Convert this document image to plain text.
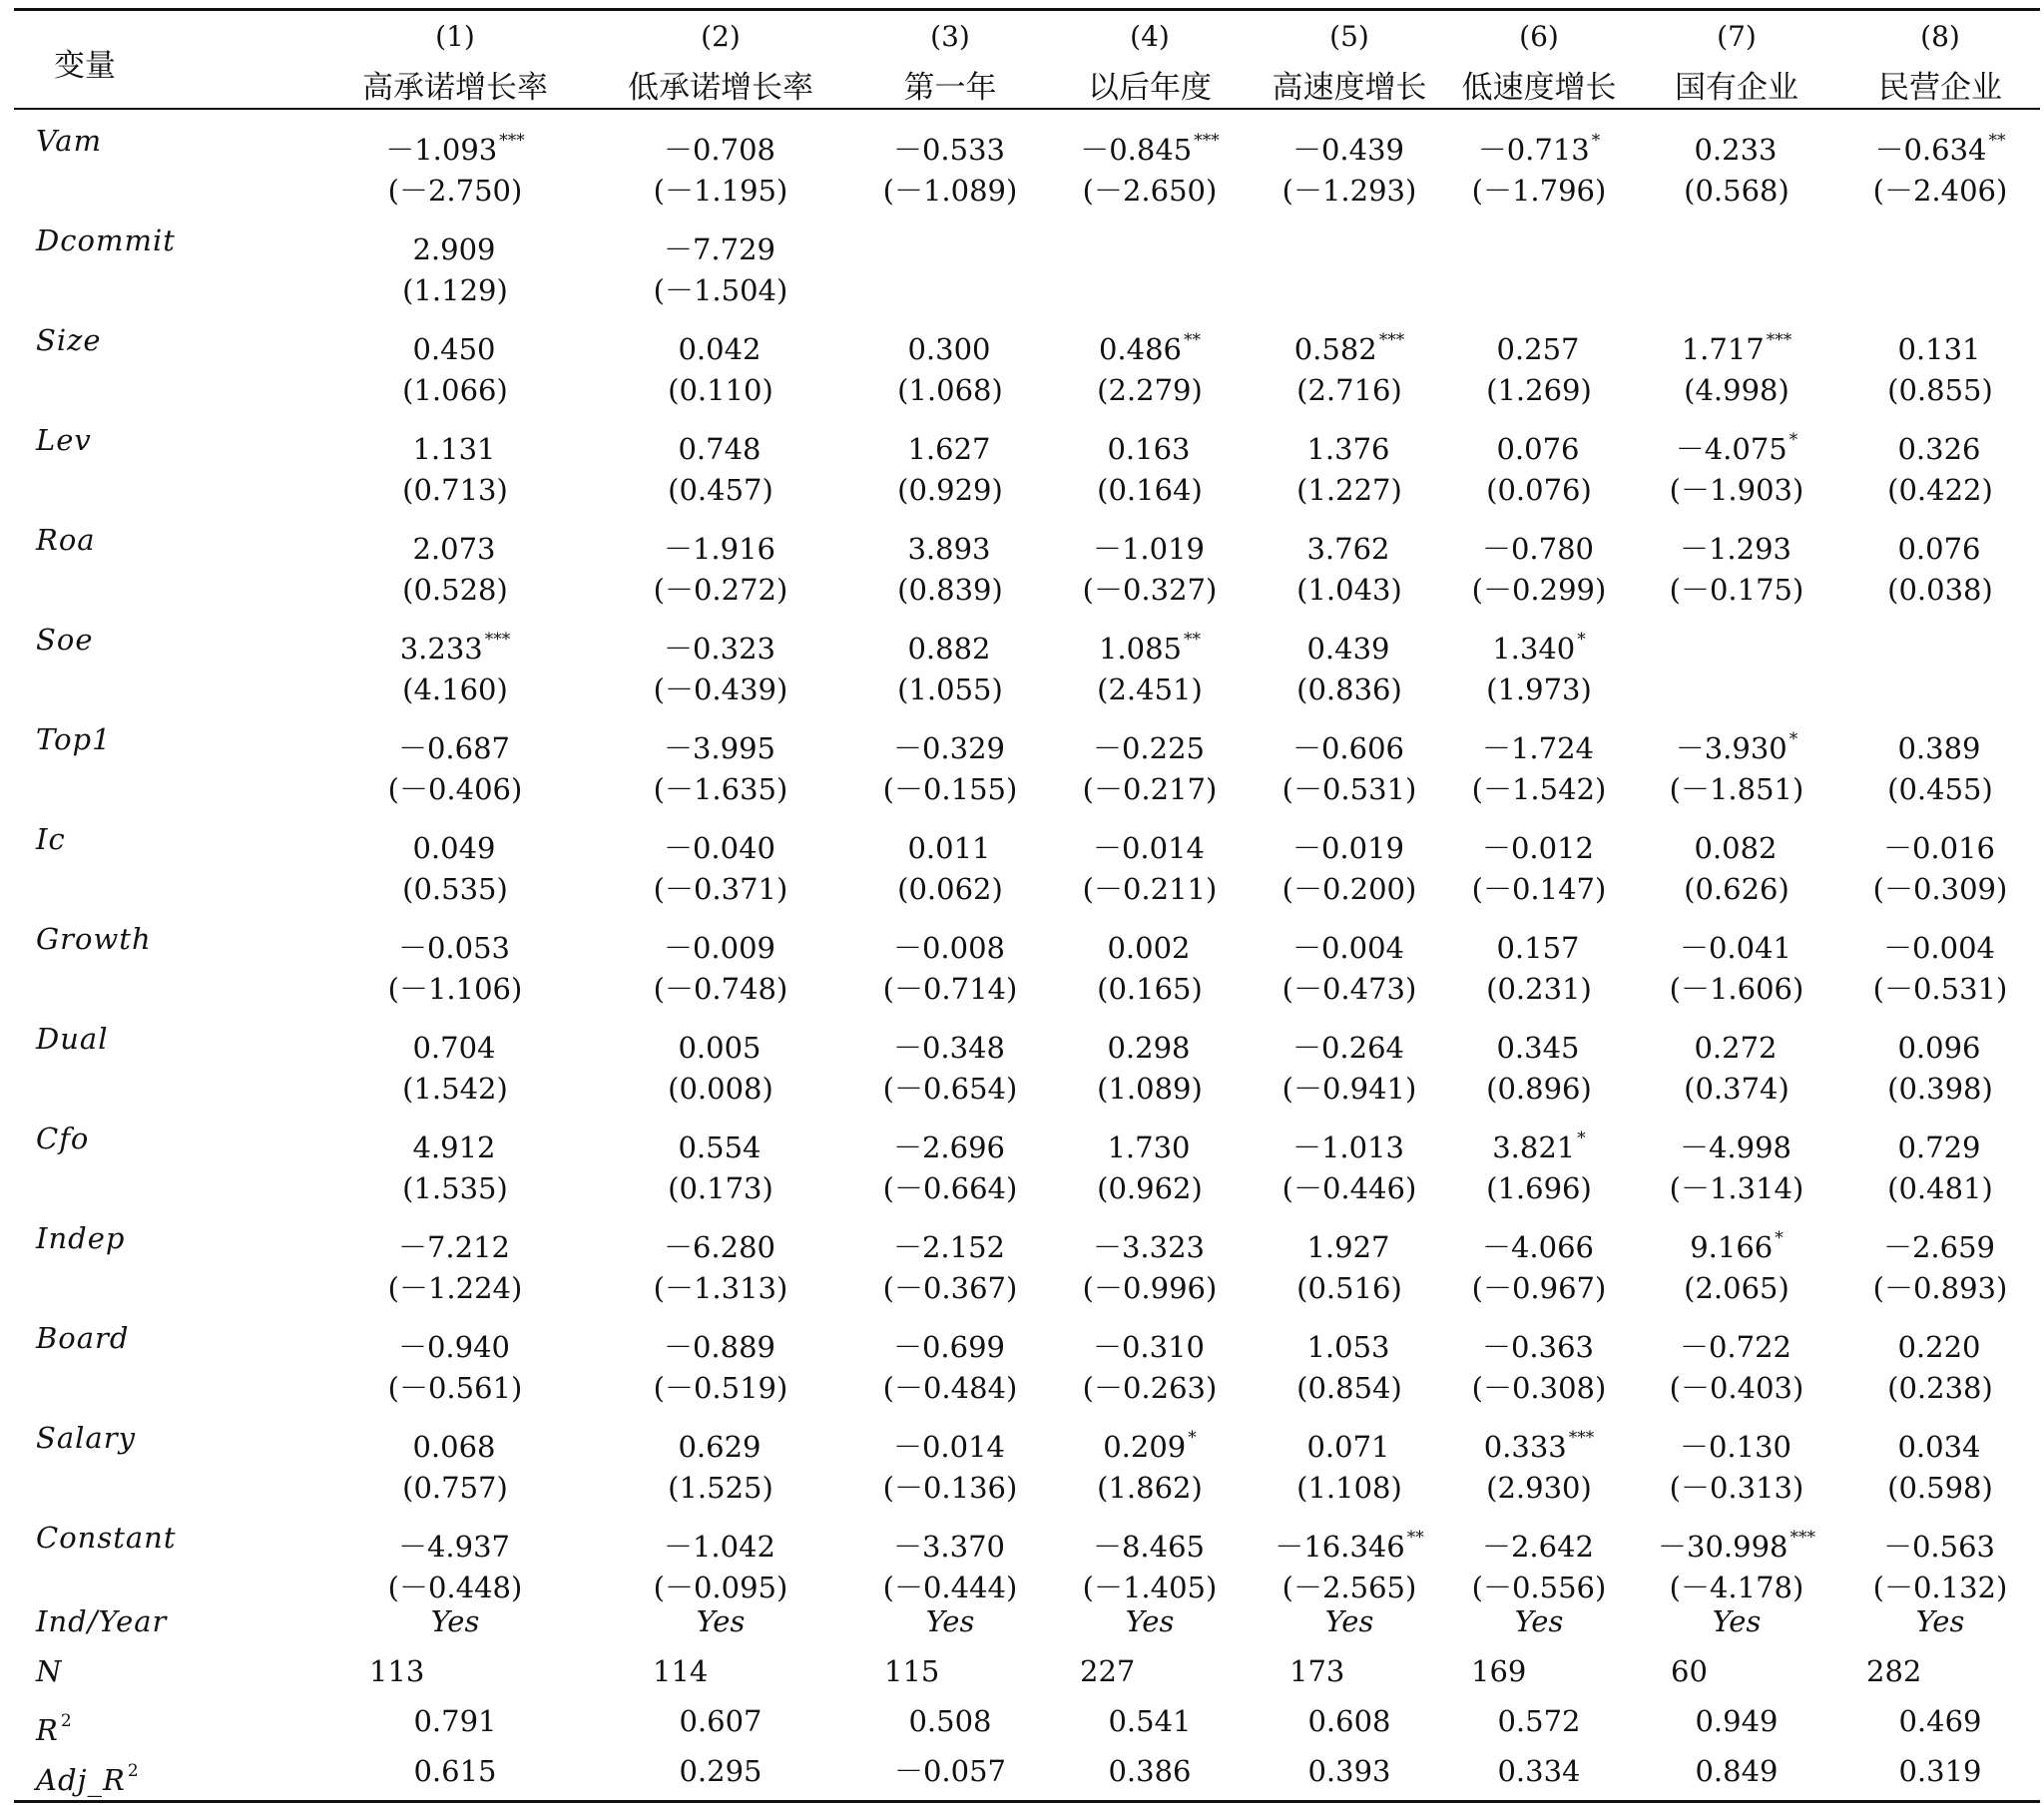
变量
(1)	(2)	(3)	(4)	(5)	(6)	(7)	(8)
高承诺增长率	低承诺增长率	第一年	以后年度	高速度增长	低速度增长	国有企业	民营企业
Vam	－1.093 ***	－0.708	－0.533	－0.845 ***	－0.439	－0.713 *	0.233	－0.634 **
(－2.750)	(－1.195)	(－1.089)	(－2.650)	(－1.293)	(－1.796)	(0.568)	(－2.406)
Dcommit	2.909	－7.729
(1.129)	(－1.504)
Size	0.450	0.042	0.300	0.486 **	0.582 ***	0.257	1.717 ***	0.131
(1.066)	(0.110)	(1.068)	(2.279)	(2.716)	(1.269)	(4.998)	(0.855)
Lev	1.131	0.748	1.627	0.163	1.376	0.076	－4.075 *	0.326
(0.713)	(0.457)	(0.929)	(0.164)	(1.227)	(0.076)	(－1.903)	(0.422)
Roa	2.073	－1.916	3.893	－1.019	3.762	－0.780	－1.293	0.076
(0.528)	(－0.272)	(0.839)	(－0.327)	(1.043)	(－0.299)	(－0.175)	(0.038)
Soe	3.233 ***	－0.323	0.882	1.085 **	0.439	1.340 *
(4.160)	(－0.439)	(1.055)	(2.451)	(0.836)	(1.973)
Top1	－0.687	－3.995	－0.329	－0.225	－0.606	－1.724	－3.930 *	0.389
(－0.406)	(－1.635)	(－0.155)	(－0.217)	(－0.531)	(－1.542)	(－1.851)	(0.455)
Ic	0.049	－0.040	0.011	－0.014	－0.019	－0.012	0.082	－0.016
(0.535)	(－0.371)	(0.062)	(－0.211)	(－0.200)	(－0.147)	(0.626)	(－0.309)
Growth	－0.053	－0.009	－0.008	0.002	－0.004	0.157	－0.041	－0.004
(－1.106)	(－0.748)	(－0.714)	(0.165)	(－0.473)	(0.231)	(－1.606)	(－0.531)
Dual	0.704	0.005	－0.348	0.298	－0.264	0.345	0.272	0.096
(1.542)	(0.008)	(－0.654)	(1.089)	(－0.941)	(0.896)	(0.374)	(0.398)
Cfo	4.912	0.554	－2.696	1.730	－1.013	3.821 *	－4.998	0.729
(1.535)	(0.173)	(－0.664)	(0.962)	(－0.446)	(1.696)	(－1.314)	(0.481)
Indep	－7.212	－6.280	－2.152	－3.323	1.927	－4.066	9.166 *	－2.659
(－1.224)	(－1.313)	(－0.367)	(－0.996)	(0.516)	(－0.967)	(2.065)	(－0.893)
Board	－0.940	－0.889	－0.699	－0.310	1.053	－0.363	－0.722	0.220
(－0.561)	(－0.519)	(－0.484)	(－0.263)	(0.854)	(－0.308)	(－0.403)	(0.238)
Salary	0.068	0.629	－0.014	0.209 *	0.071	0.333 ***	－0.130	0.034
(0.757)	(1.525)	(－0.136)	(1.862)	(1.108)	(2.930)	(－0.313)	(0.598)
Constant	－4.937	－1.042	－3.370	－8.465	－16.346 **	－2.642	－30.998 ***	－0.563
(－0.448)	(－0.095)	(－0.444)	(－1.405)	(－2.565)	(－0.556)	(－4.178)	(－0.132)
Ind/Year	Yes	Yes	Yes	Yes	Yes	Yes	Yes	Yes
N	113	114	115	227	173	169	60	282
R $^2$	0.791	0.607	0.508	0.541	0.608	0.572	0.949	0.469
Adj_R $^2$	0.615	0.295	－0.057	0.386	0.393	0.334	0.849	0.319
